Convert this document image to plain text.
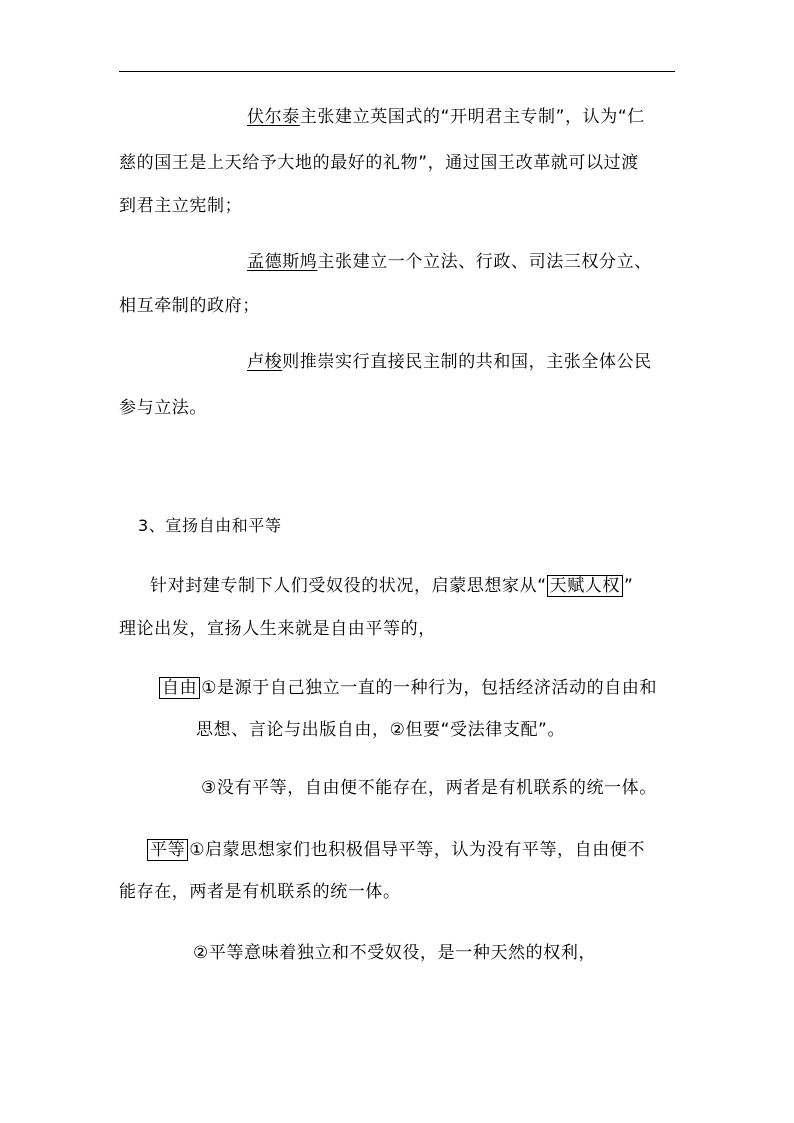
伏尔泰主张建立英国式的“开明君主专制”，认为“仁
慈的国王是上天给予大地的最好的礼物”，通过国王改革就可以过渡
到君主立宪制；
孟德斯鸠主张建立一个立法、行政、司法三权分立、
相互牵制的政府；
卢梭则推崇实行直接民主制的共和国，主张全体公民
参与立法。
3、宣扬自由和平等
针对封建专制下人们受奴役的状况，启蒙思想家从“ 天赋人权 ”
理论出发，宣扬人生来就是自由平等的，
自由 ①是源于自己独立一直的一种行为，包括经济活动的自由和
思想、言论与出版自由，②但要“受法律支配”。
③没有平等，自由便不能存在，两者是有机联系的统一体。
平等 ①启蒙思想家们也积极倡导平等，认为没有平等，自由便不
能存在，两者是有机联系的统一体。
②平等意味着独立和不受奴役，是一种天然的权利，
